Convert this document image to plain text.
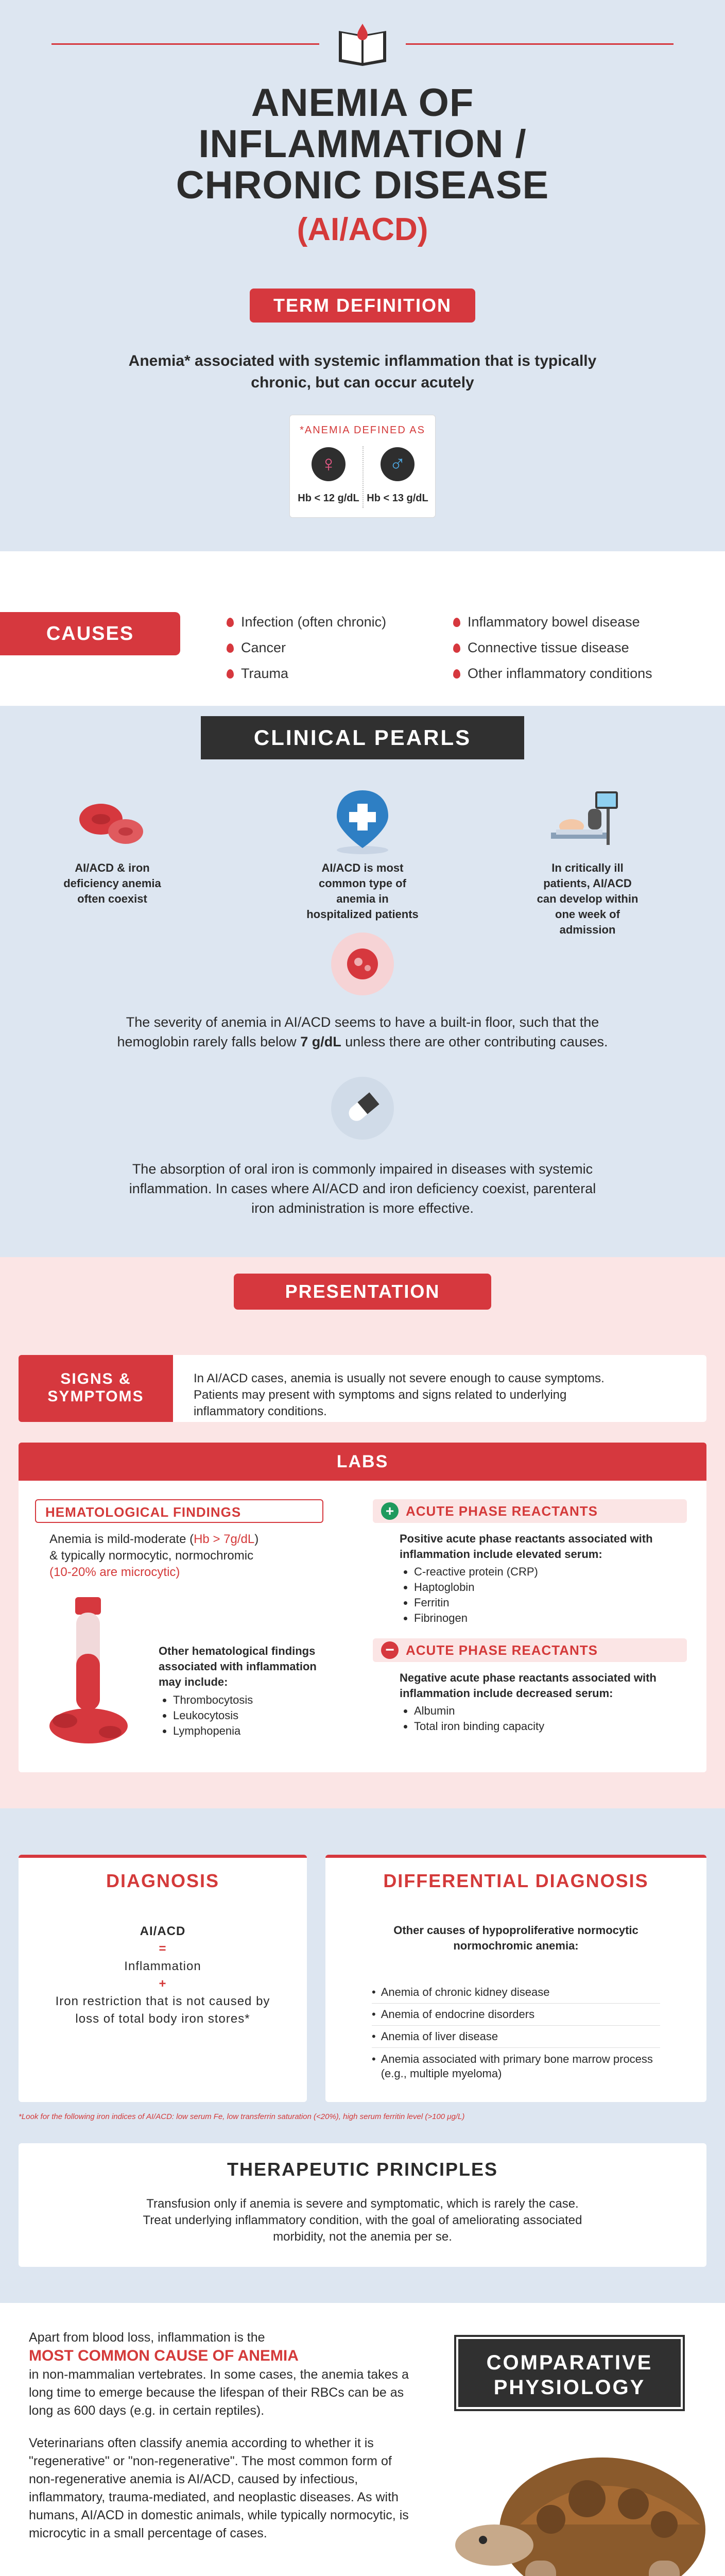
ANEMIA OF
INFLAMMATION /
CHRONIC DISEASE
(AI/ACD)
TERM DEFINITION
Anemia* associated with systemic inflammation that is typically
chronic, but can occur acutely
*ANEMIA DEFINED AS
♀ ♂
Hb < 12 g/dL Hb < 13 g/dL
CAUSES
Infection (often chronic)	Inflammatory bowel disease
Cancer	Connective tissue disease
Trauma	Other inflammatory conditions
CLINICAL PEARLS
AI/ACD & iron deficiency anemia often coexist
AI/ACD is most common type of anemia in hospitalized patients
In critically ill patients, AI/ACD can develop within one week of admission
The severity of anemia in AI/ACD seems to have a built-in floor, such that the
hemoglobin rarely falls below 7 g/dL unless there are other contributing causes.
The absorption of oral iron is commonly impaired in diseases with systemic
inflammation. In cases where AI/ACD and iron deficiency coexist, parenteral
iron administration is more effective.
PRESENTATION
SIGNS & SYMPTOMS
In AI/ACD cases, anemia is usually not severe enough to cause symptoms.
Patients may present with symptoms and signs related to underlying
inflammatory conditions.
LABS
HEMATOLOGICAL FINDINGS
Anemia is mild-moderate (Hb > 7g/dL)
& typically normocytic, normochromic
(10-20% are microcytic)
Other hematological findings associated with inflammation may include:
• Thrombocytosis
• Leukocytosis
• Lymphopenia
+ ACUTE PHASE REACTANTS
Positive acute phase reactants associated with inflammation include elevated serum:
• C-reactive protein (CRP)
• Haptoglobin
• Ferritin
• Fibrinogen
− ACUTE PHASE REACTANTS
Negative acute phase reactants associated with inflammation include decreased serum:
• Albumin
• Total iron binding capacity
DIAGNOSIS
AI/ACD
=
Inflammation
+
Iron restriction that is not caused by loss of total body iron stores*
DIFFERENTIAL DIAGNOSIS
Other causes of hypoproliferative normocytic normochromic anemia:
• Anemia of chronic kidney disease
• Anemia of endocrine disorders
• Anemia of liver disease
• Anemia associated with primary bone marrow process (e.g., multiple myeloma)
*Look for the following iron indices of AI/ACD: low serum Fe, low transferrin saturation (<20%), high serum ferritin level (>100 μg/L)
THERAPEUTIC PRINCIPLES
Transfusion only if anemia is severe and symptomatic, which is rarely the case.
Treat underlying inflammatory condition, with the goal of ameliorating associated
morbidity, not the anemia per se.
Apart from blood loss, inflammation is the
MOST COMMON CAUSE OF ANEMIA
in non-mammalian vertebrates. In some cases, the anemia takes a long time to emerge because the lifespan of their RBCs can be as long as 600 days (e.g. in certain reptiles).
Veterinarians often classify anemia according to whether it is "regenerative" or "non-regenerative". The most common form of non-regenerative anemia is AI/ACD, caused by infectious, inflammatory, trauma-mediated, and neoplastic diseases. As with humans, AI/ACD in domestic animals, while typically normocytic, is microcytic in a small percentage of cases.
COMPARATIVE
PHYSIOLOGY
